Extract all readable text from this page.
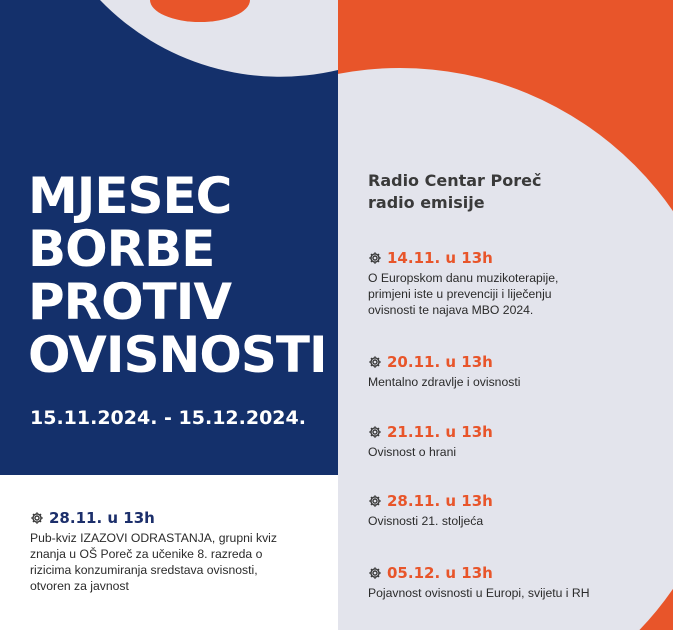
MJESEC
BORBE
PROTIV
OVISNOSTI
15.11.2024. - 15.12.2024.
Radio Centar Poreč
radio emisije
14.11. u 13h
O Europskom danu muzikoterapije,
primjeni iste u prevenciji i liječenju
ovisnosti te najava MBO 2024.
20.11. u 13h
Mentalno zdravlje i ovisnosti
21.11. u 13h
Ovisnost o hrani
28.11. u 13h
Ovisnosti 21. stoljeća
05.12. u 13h
Pojavnost ovisnosti u Europi, svijetu i RH
28.11. u 13h
Pub-kviz IZAZOVI ODRASTANJA, grupni kviz
znanja u OŠ Poreč za učenike 8. razreda o
rizicima konzumiranja sredstava ovisnosti,
otvoren za javnost
